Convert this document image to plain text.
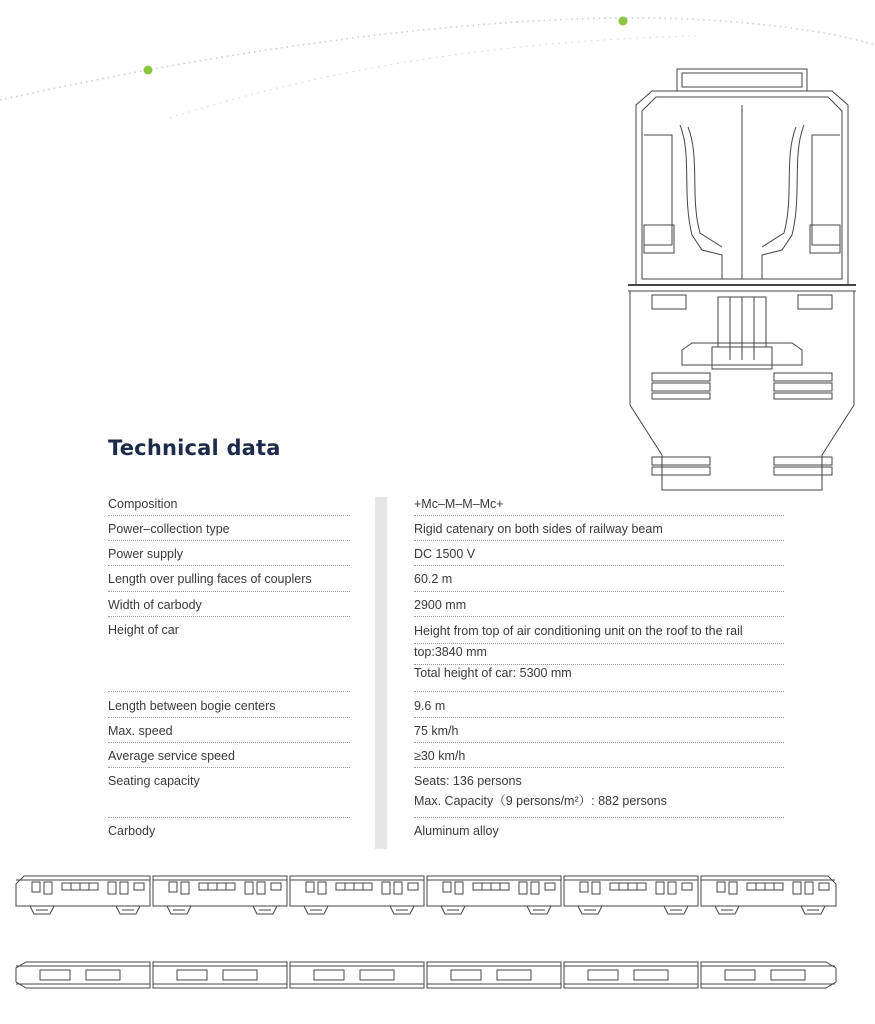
Technical data
Composition	+Mc–M–M–Mc+
Power–collection type	Rigid catenary on both sides of railway beam
Power supply	DC 1500 V
Length over pulling faces of couplers	60.2 m
Width of carbody	2900 mm
Height of car	Height from top of air conditioning unit on the roof to the rail
top:3840 mm
Total height of car: 5300 mm
Length between bogie centers	9.6 m
Max. speed	75 km/h
Average service speed	≥30 km/h
Seating capacity	Seats: 136 persons
Max. Capacity（9 persons/m²）: 882 persons
Carbody	Aluminum alloy
